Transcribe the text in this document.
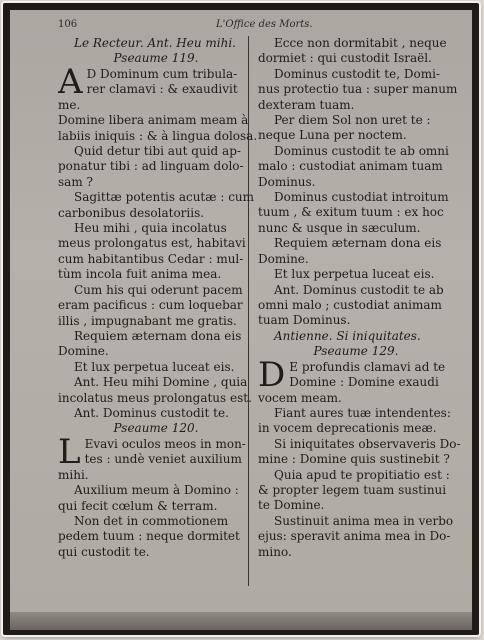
106	L'Office des Morts.
Le Recteur. Ant. Heu mihi.
Pseaume 119.
A D Dominum cum tribula-
rer clamavi : & exaudivit
me.
Domine libera animam meam à
labiis iniquis : & à lingua dolosa.
Quid detur tibi aut quid ap-
ponatur tibi : ad linguam dolo-
sam ?
Sagittæ potentis acutæ : cum
carbonibus desolatoriis.
Heu mihi , quia incolatus
meus prolongatus est, habitavi
cum habitantibus Cedar : mul-
tùm incola fuit anima mea.
Cum his qui oderunt pacem
eram pacificus : cum loquebar
illis , impugnabant me gratis.
Requiem æternam dona eis
Domine.
Et lux perpetua luceat eis.
Ant. Heu mihi Domine , quia
incolatus meus prolongatus est.
Ant. Dominus custodit te.
Pseaume 120.
L Evavi oculos meos in mon-
tes : undè veniet auxilium
mihi.
Auxilium meum à Domino :
qui fecit cœlum & terram.
Non det in commotionem
pedem tuum : neque dormitet
qui custodit te.
Ecce non dormitabit , neque
dormiet : qui custodit Israël.
Dominus custodit te, Domi-
nus protectio tua : super manum
dexteram tuam.
Per diem Sol non uret te :
neque Luna per noctem.
Dominus custodit te ab omni
malo : custodiat animam tuam
Dominus.
Dominus custodiat introitum
tuum , & exitum tuum : ex hoc
nunc & usque in sæculum.
Requiem æternam dona eis
Domine.
Et lux perpetua luceat eis.
Ant. Dominus custodit te ab
omni malo ; custodiat animam
tuam Dominus.
Antienne. Si iniquitates.
Pseaume 129.
D E profundis clamavi ad te
Domine : Domine exaudi
vocem meam.
Fiant aures tuæ intendentes:
in vocem deprecationis meæ.
Si iniquitates observaveris Do-
mine : Domine quis sustinebit ?
Quia apud te propitiatio est :
& propter legem tuam sustinui
te Domine.
Sustinuit anima mea in verbo
ejus: speravit anima mea in Do-
mino.
